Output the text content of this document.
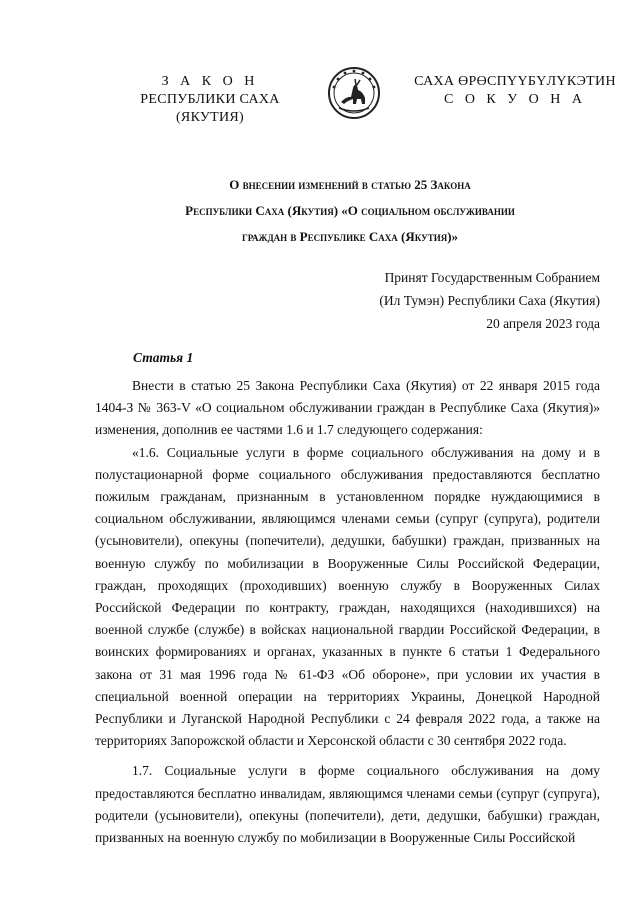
З А К О Н
РЕСПУБЛИКИ САХА (ЯКУТИЯ)
САХА ӨРӨСПҮҮБҮЛҮКЭТИН
С О К У О Н А
О внесении изменений в статью 25 Закона
Республики Саха (Якутия) «О социальном обслуживании
граждан в Республике Саха (Якутия)»
Принят Государственным Собранием
(Ил Тумэн) Республики Саха (Якутия)
20 апреля 2023 года
Статья 1

Внести в статью 25 Закона Республики Саха (Якутия) от 22 января 2015 года 1404-З № 363-V «О социальном обслуживании граждан в Республике Саха (Якутия)» изменения, дополнив ее частями 1.6 и 1.7 следующего содержания:

«1.6. Социальные услуги в форме социального обслуживания на дому и в полустационарной форме социального обслуживания предоставляются бесплатно пожилым гражданам, признанным в установленном порядке нуждающимися в социальном обслуживании, являющимся членами семьи (супруг (супруга), родители (усыновители), опекуны (попечители), дедушки, бабушки) граждан, призванных на военную службу по мобилизации в Вооруженные Силы Российской Федерации, граждан, проходящих (проходивших) военную службу в Вооруженных Силах Российской Федерации по контракту, граждан, находящихся (находившихся) на военной службе (службе) в войсках национальной гвардии Российской Федерации, в воинских формированиях и органах, указанных в пункте 6 статьи 1 Федерального закона от 31 мая 1996 года № 61-ФЗ «Об обороне», при условии их участия в специальной военной операции на территориях Украины, Донецкой Народной Республики и Луганской Народной Республики с 24 февраля 2022 года, а также на территориях Запорожской области и Херсонской области с 30 сентября 2022 года.

1.7. Социальные услуги в форме социального обслуживания на дому предоставляются бесплатно инвалидам, являющимся членами семьи (супруг (супруга), родители (усыновители), опекуны (попечители), дети, дедушки, бабушки) граждан, призванных на военную службу по мобилизации в Вооруженные Силы Российской
